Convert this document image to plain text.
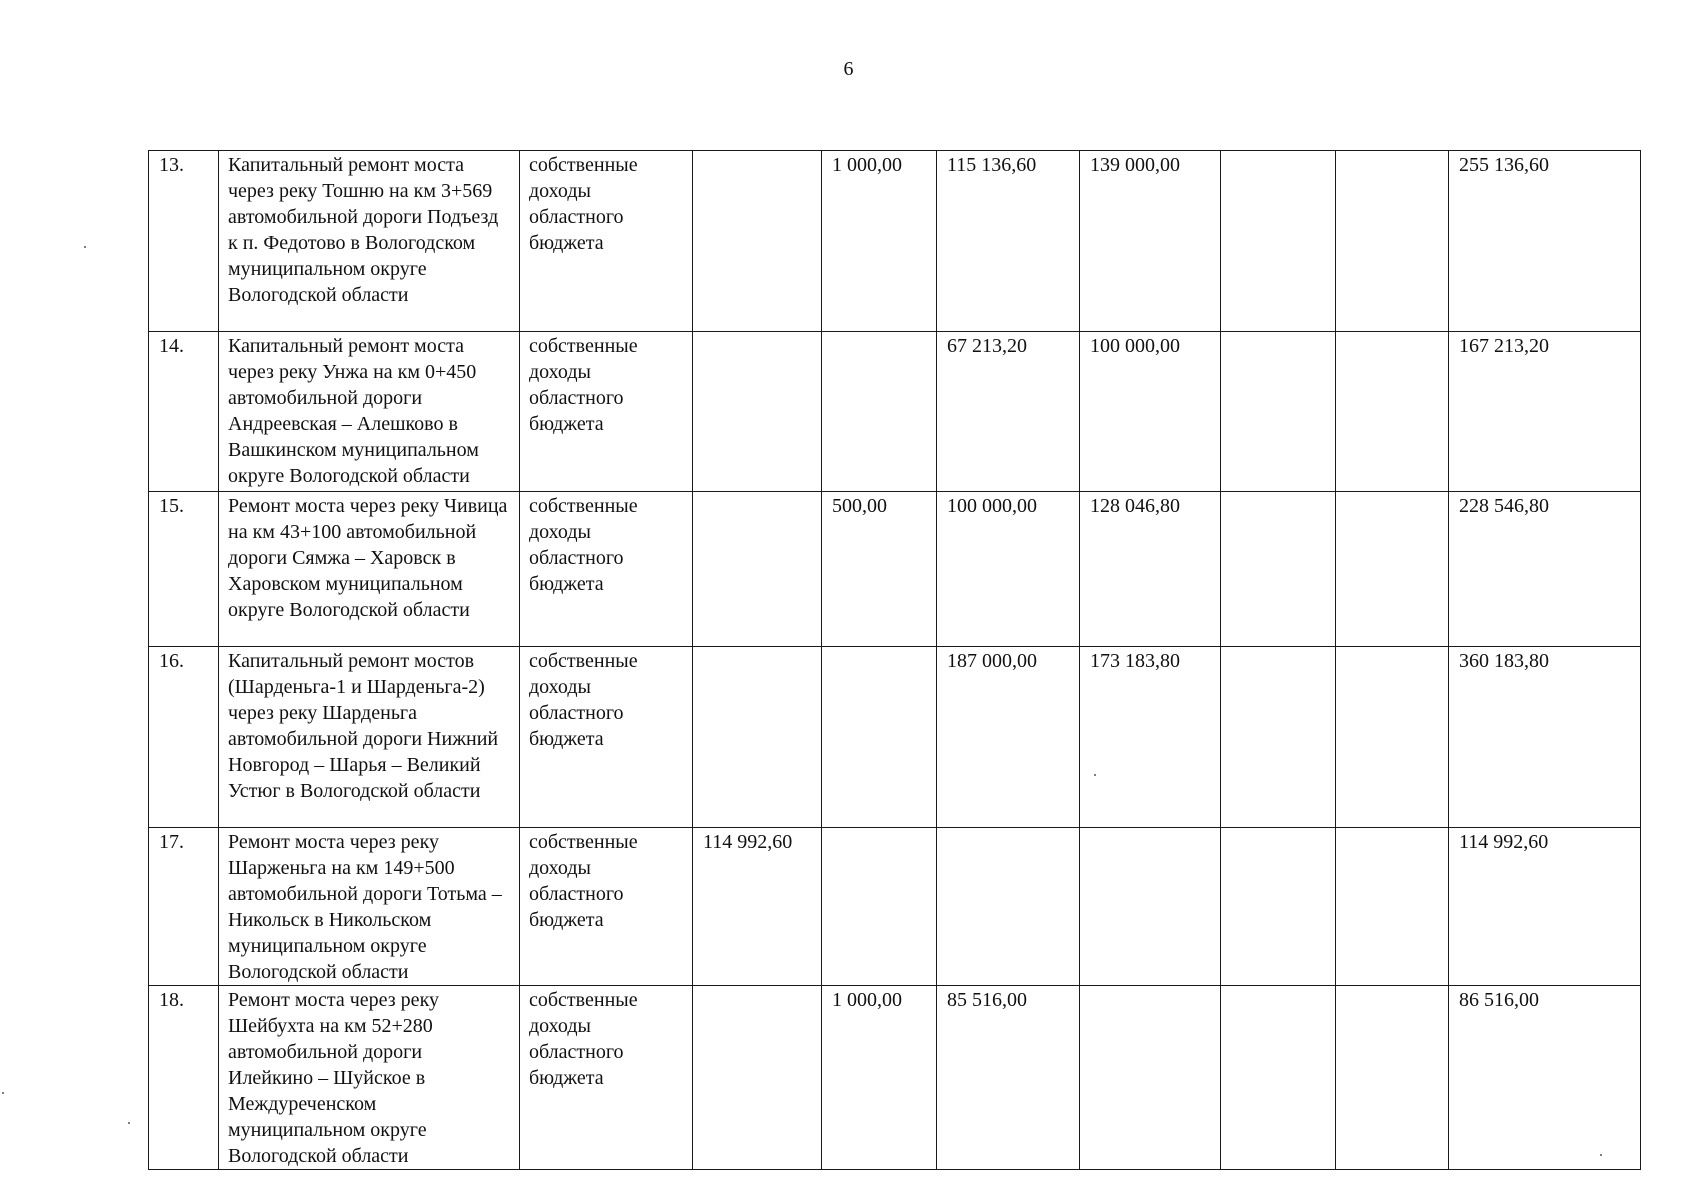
6
13.	Капитальный ремонт моста через реку Тошню на км 3+569 автомобильной дороги Подъезд к п. Федотово в Вологодском муниципальном округе Вологодской области	собственные доходы областного бюджета		1 000,00	115 136,60	139 000,00			255 136,60
14.	Капитальный ремонт моста через реку Унжа на км 0+450 автомобильной дороги Андреевская – Алешково в Вашкинском муниципальном округе Вологодской области	собственные доходы областного бюджета			67 213,20	100 000,00			167 213,20
15.	Ремонт моста через реку Чивица на км 43+100 автомобильной дороги Сямжа – Харовск в Харовском муниципальном округе Вологодской области	собственные доходы областного бюджета		500,00	100 000,00	128 046,80			228 546,80
16.	Капитальный ремонт мостов (Шарденьга-1 и Шарденьга-2) через реку Шарденьга автомобильной дороги Нижний Новгород – Шарья – Великий Устюг в Вологодской области	собственные доходы областного бюджета			187 000,00	173 183,80			360 183,80
17.	Ремонт моста через реку Шарженьга на км 149+500 автомобильной дороги Тотьма – Никольск в Никольском муниципальном округе Вологодской области	собственные доходы областного бюджета	114 992,60						114 992,60
18.	Ремонт моста через реку Шейбухта на км 52+280 автомобильной дороги Илейкино – Шуйское в Междуреченском муниципальном округе Вологодской области	собственные доходы областного бюджета		1 000,00	85 516,00				86 516,00
